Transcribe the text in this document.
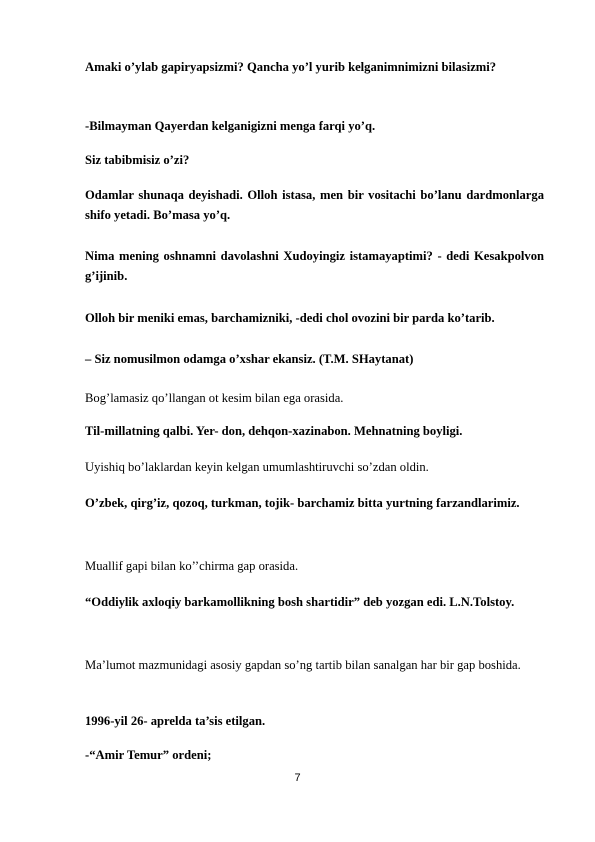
Amaki o’ylab gapiryapsizmi? Qancha yo’l yurib kelganimnimizni bilasizmi?

-Bilmayman Qayerdan kelganigizni menga farqi yo’q.

Siz tabibmisiz o’zi?

Odamlar shunaqa deyishadi. Olloh istasa, men bir vositachi bo’lanu dardmonlarga shifo yetadi. Bo’masa yo’q.

Nima mening oshnamni davolashni Xudoyingiz istamayaptimi? - dedi Kesakpolvon g’ijinib.

Olloh bir meniki emas, barchamizniki, -dedi chol ovozini bir parda ko’tarib.

– Siz nomusilmon odamga o’xshar ekansiz. (T.M. SHaytanat)

Bog’lamasiz qo’llangan ot kesim bilan ega orasida.

Til-millatning qalbi. Yer- don, dehqon-xazinabon. Mehnatning boyligi.

Uyishiq bo’laklardan keyin kelgan umumlashtiruvchi so’zdan oldin.

O’zbek, qirg’iz, qozoq, turkman, tojik- barchamiz bitta yurtning farzandlarimiz.

Muallif gapi bilan ko’’chirma gap orasida.

“Oddiylik axloqiy barkamollikning bosh shartidir” deb yozgan edi. L.N.Tolstoy.

Ma’lumot mazmunidagi asosiy gapdan so’ng tartib bilan sanalgan har bir gap boshida.

1996-yil 26- aprelda ta’sis etilgan.

-“Amir Temur” ordeni;

7
